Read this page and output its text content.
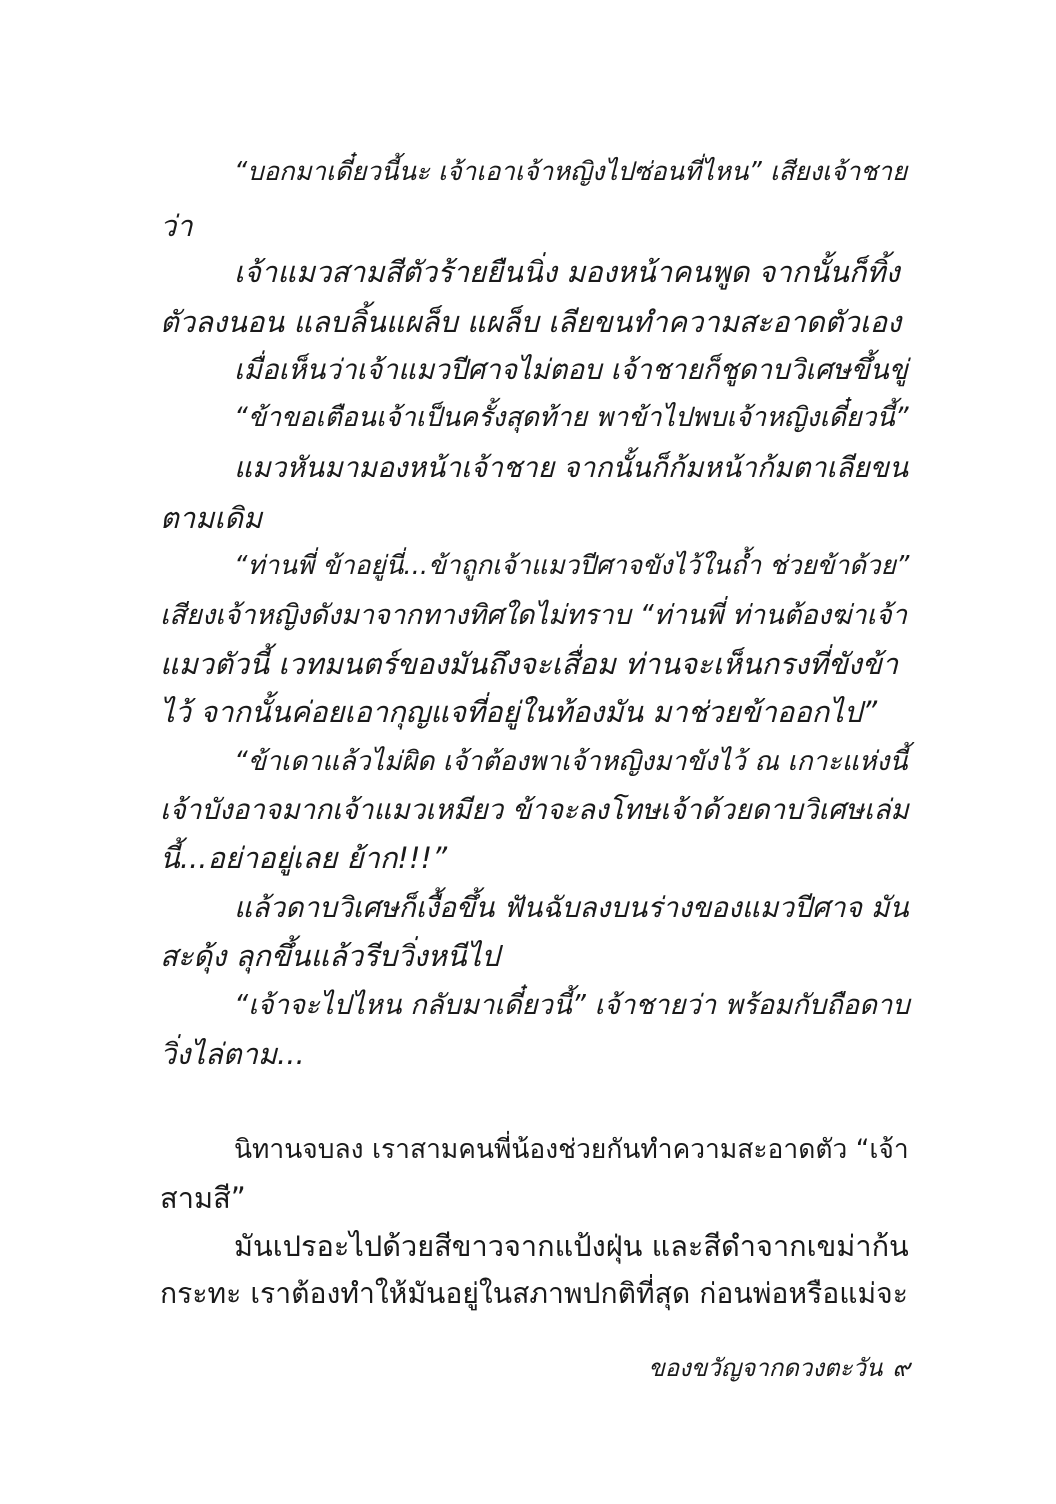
“บอกมาเดี๋ยวนี้นะ เจ้าเอาเจ้าหญิงไปซ่อนที่ไหน” เสียงเจ้าชาย
ว่า
เจ้าแมวสามสีตัวร้ายยืนนิ่ง มองหน้าคนพูด จากนั้นก็ทิ้ง
ตัวลงนอน แลบลิ้นแผล็บ แผล็บ เลียขนทำความสะอาดตัวเอง
เมื่อเห็นว่าเจ้าแมวปีศาจไม่ตอบ เจ้าชายก็ชูดาบวิเศษขึ้นขู่
“ข้าขอเตือนเจ้าเป็นครั้งสุดท้าย พาข้าไปพบเจ้าหญิงเดี๋ยวนี้”
แมวหันมามองหน้าเจ้าชาย จากนั้นก็ก้มหน้าก้มตาเลียขน
ตามเดิม
“ท่านพี่ ข้าอยู่นี่...ข้าถูกเจ้าแมวปีศาจขังไว้ในถ้ำ ช่วยข้าด้วย”
เสียงเจ้าหญิงดังมาจากทางทิศใดไม่ทราบ “ท่านพี่ ท่านต้องฆ่าเจ้า
แมวตัวนี้ เวทมนตร์ของมันถึงจะเสื่อม ท่านจะเห็นกรงที่ขังข้า
ไว้ จากนั้นค่อยเอากุญแจที่อยู่ในท้องมัน มาช่วยข้าออกไป”
“ข้าเดาแล้วไม่ผิด เจ้าต้องพาเจ้าหญิงมาขังไว้ ณ เกาะแห่งนี้
เจ้าบังอาจมากเจ้าแมวเหมียว ข้าจะลงโทษเจ้าด้วยดาบวิเศษเล่ม
นี้...อย่าอยู่เลย ย้าก!!!”
แล้วดาบวิเศษก็เงื้อขึ้น ฟันฉับลงบนร่างของแมวปีศาจ มัน
สะดุ้ง ลุกขึ้นแล้วรีบวิ่งหนีไป
“เจ้าจะไปไหน กลับมาเดี๋ยวนี้” เจ้าชายว่า พร้อมกับถือดาบ
วิ่งไล่ตาม...
นิทานจบลง เราสามคนพี่น้องช่วยกันทำความสะอาดตัว “เจ้า
สามสี”
มันเปรอะไปด้วยสีขาวจากแป้งฝุ่น และสีดำจากเขม่าก้น
กระทะ เราต้องทำให้มันอยู่ในสภาพปกติที่สุด ก่อนพ่อหรือแม่จะ
ของขวัญจากดวงตะวัน ๙
